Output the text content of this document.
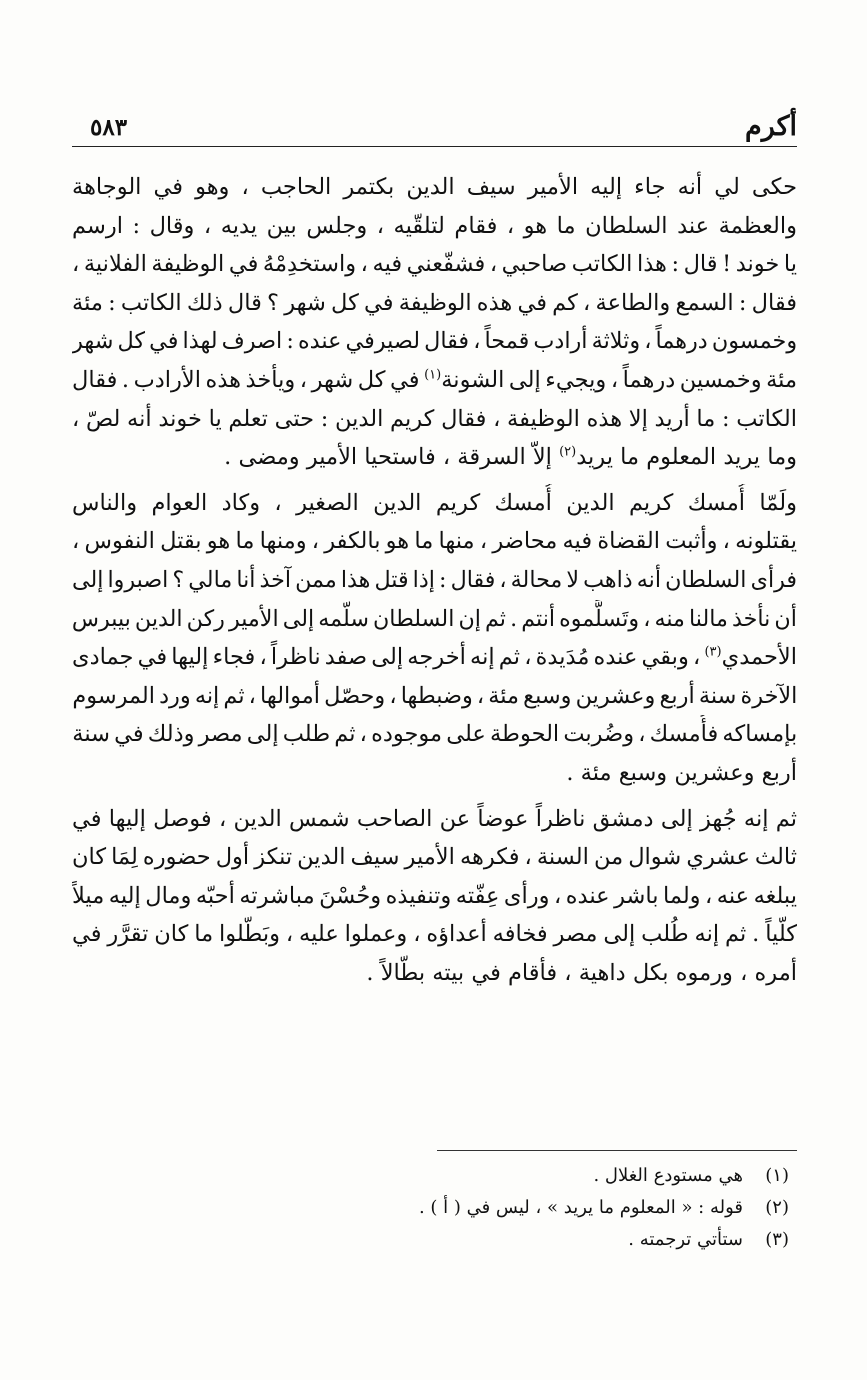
أكرم
٥٨٣

حكى لي أنه جاء إليه الأمير سيف الدين بكتمر الحاجب ، وهو في الوجاهة
والعظمة عند السلطان ما هو ، فقام لتلقّيه ، وجلس بين يديه ، وقال : ارسم
يا خوند ! قال : هذا الكاتب صاحبي ، فشفّعني فيه ، واستخدِمْهُ في الوظيفة الفلانية ،
فقال : السمع والطاعة ، كم في هذه الوظيفة في كل شهر ؟ قال ذلك الكاتب : مئة
وخمسون درهماً ، وثلاثة أرادب قمحاً ، فقال لصيرفي عنده : اصرف لهذا في كل شهر
مئة وخمسين درهماً ، ويجيء إلى الشونة$^{(١)}$ في كل شهر ، ويأخذ هذه الأرادب . فقال
الكاتب : ما أريد إلا هذه الوظيفة ، فقال كريم الدين : حتى تعلم يا خوند أنه لصّ ،
وما يريد المعلوم ما يريد$^{(٢)}$ إلاّ السرقة ، فاستحيا الأمير ومضى .

ولَمّا أُمسك كريم الدين أُمسك كريم الدين الصغير ، وكاد العوام والناس
يقتلونه ، وأثبت القضاة فيه محاضر ، منها ما هو بالكفر ، ومنها ما هو بقتل النفوس ،
فرأى السلطان أنه ذاهب لا محالة ، فقال : إذا قتل هذا ممن آخذ أنا مالي ؟ اصبروا إلى
أن نأخذ مالنا منه ، وتَسلَّموه أنتم . ثم إن السلطان سلّمه إلى الأمير ركن الدين بيبرس
الأحمدي$^{(٣)}$ ، وبقي عنده مُدَيدة ، ثم إنه أخرجه إلى صفد ناظراً ، فجاء إليها في جمادى
الآخرة سنة أربع وعشرين وسبع مئة ، وضبطها ، وحصّل أموالها ، ثم إنه ورد المرسوم
بإمساكه فأُمسك ، وضُربت الحوطة على موجوده ، ثم طلب إلى مصر وذلك في سنة
أربع وعشرين وسبع مئة .

ثم إنه جُهز إلى دمشق ناظراً عوضاً عن الصاحب شمس الدين ، فوصل إليها في
ثالث عشري شوال من السنة ، فكرهه الأمير سيف الدين تنكز أول حضوره لِمَا كان
يبلغه عنه ، ولما باشر عنده ، ورأى عِفّته وتنفيذه وحُسْنَ مباشرته أحبّه ومال إليه ميلاً
كلّياً . ثم إنه طُلب إلى مصر فخافه أعداؤه ، وعملوا عليه ، وبَطّلوا ما كان تقرَّر في
أمره ، ورموه بكل داهية ، فأقام في بيته بطّالاً .

(١)
هي مستودع الغلال .
(٢)
قوله : « المعلوم ما يريد » ، ليس في ( أ ) .
(٣)
ستأتي ترجمته .
